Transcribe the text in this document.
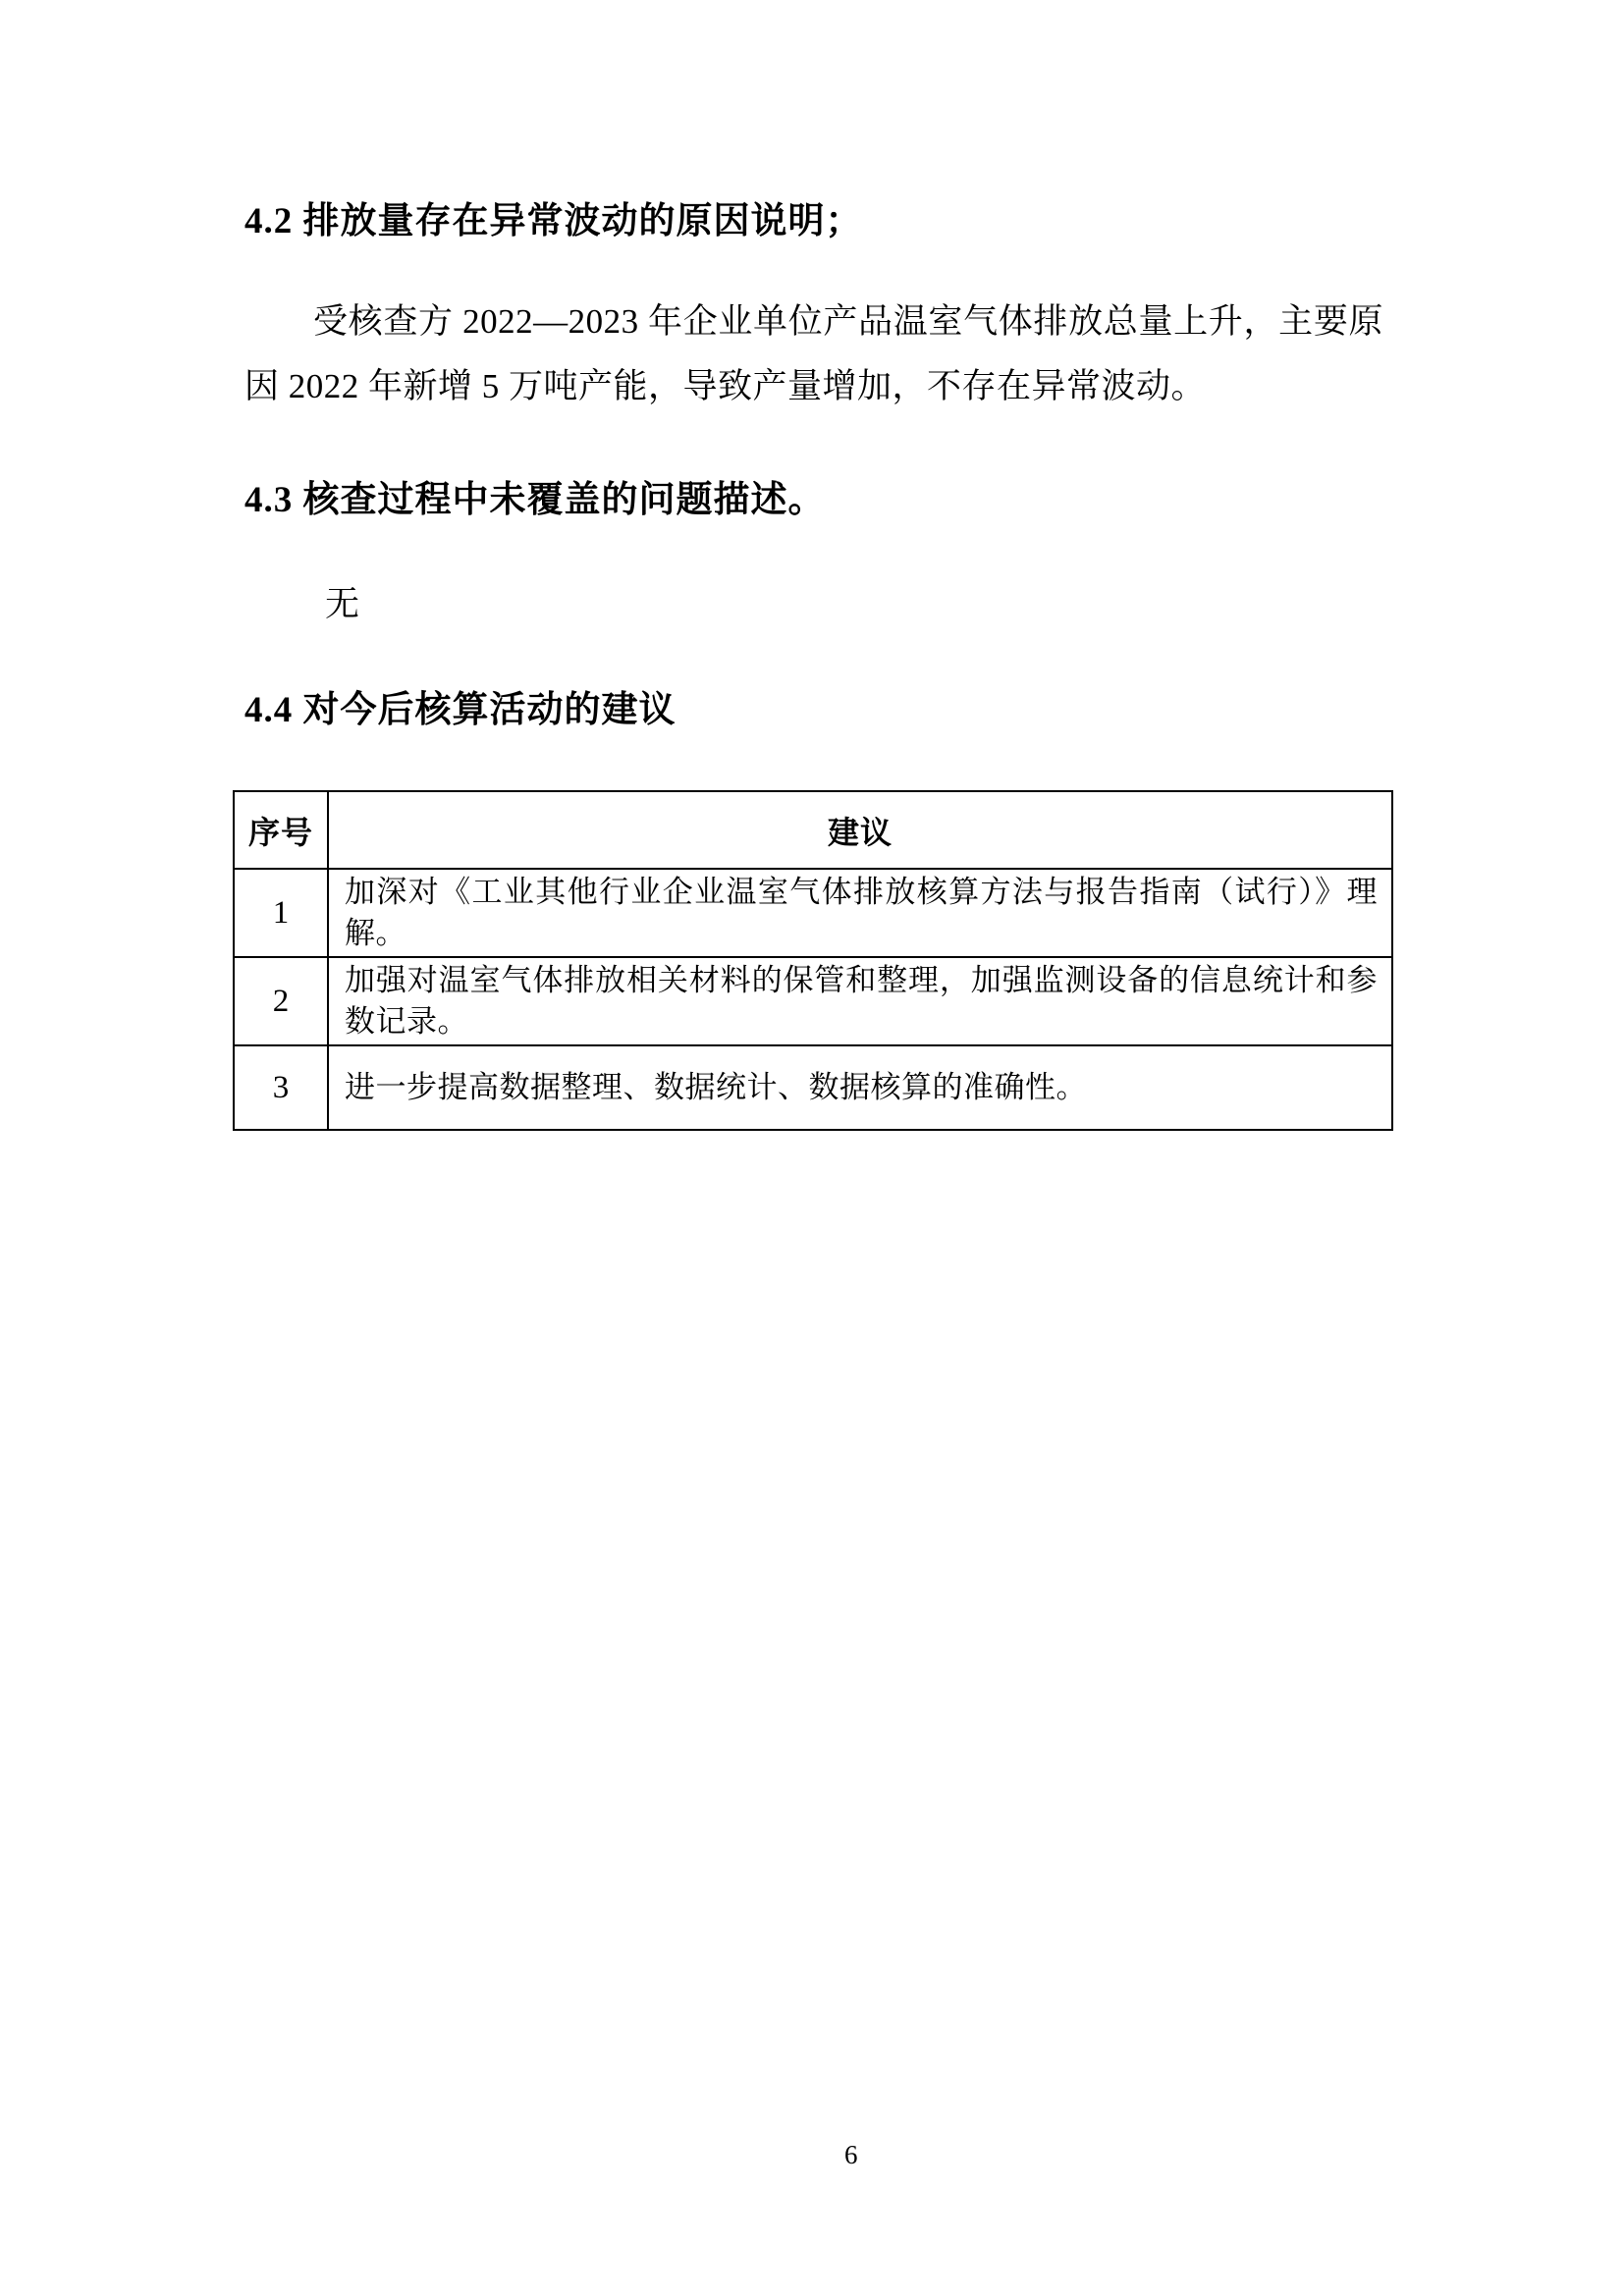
4.2 排放量存在异常波动的原因说明；

受核查方 2022—2023 年企业单位产品温室气体排放总量上升，主要原因 2022 年新增 5 万吨产能，导致产量增加，不存在异常波动。

4.3 核查过程中未覆盖的问题描述。

无

4.4 对今后核算活动的建议
序号	建议
1	加深对《工业其他行业企业温室气体排放核算方法与报告指南（试行）》理解。
2	加强对温室气体排放相关材料的保管和整理，加强监测设备的信息统计和参数记录。
3	进一步提高数据整理、数据统计、数据核算的准确性。
6
